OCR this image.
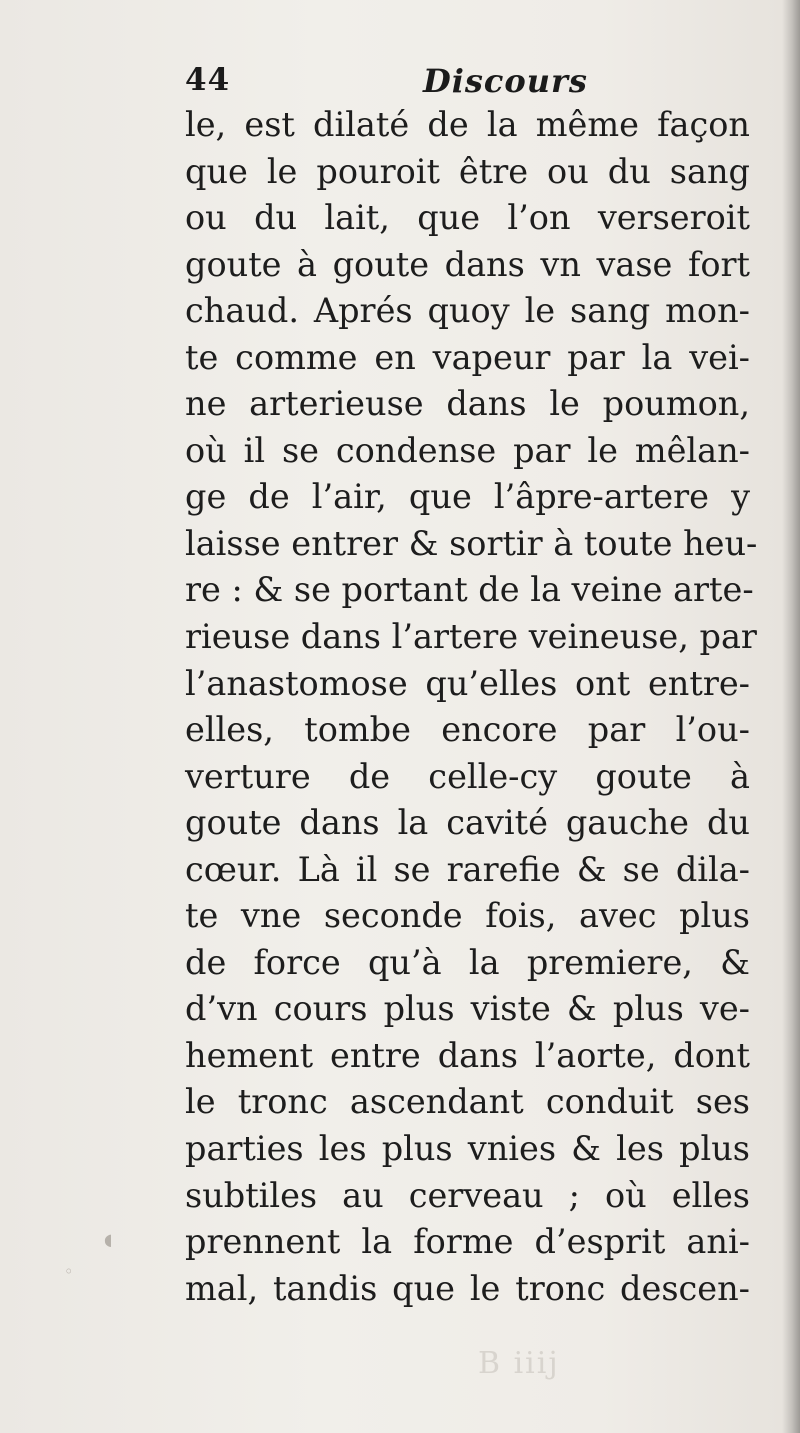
44	Discours
le, est dilaté de la même façon
que le pouroit être ou du sang
ou du lait, que l’on verseroit
goute à goute dans vn vase fort
chaud. Aprés quoy le sang mon-
te comme en vapeur par la vei-
ne arterieuse dans le poumon,
où il se condense par le mêlan-
ge de l’air, que l’âpre-artere y
laisse entrer & sortir à toute heu-
re : & se portant de la veine arte-
rieuse dans l’artere veineuse, par
l’anastomose qu’elles ont entre-
elles, tombe encore par l’ou-
verture de celle-cy goute à
goute dans la cavité gauche du
cœur. Là il se rarefie & se dila-
te vne seconde fois, avec plus
de force qu’à la premiere, &
d’vn cours plus viste & plus ve-
hement entre dans l’aorte, dont
le tronc ascendant conduit ses
parties les plus vnies & les plus
subtiles au cerveau ; où elles
prennent la forme d’esprit ani-
mal, tandis que le tronc descen-
◖
◦
B iiij
